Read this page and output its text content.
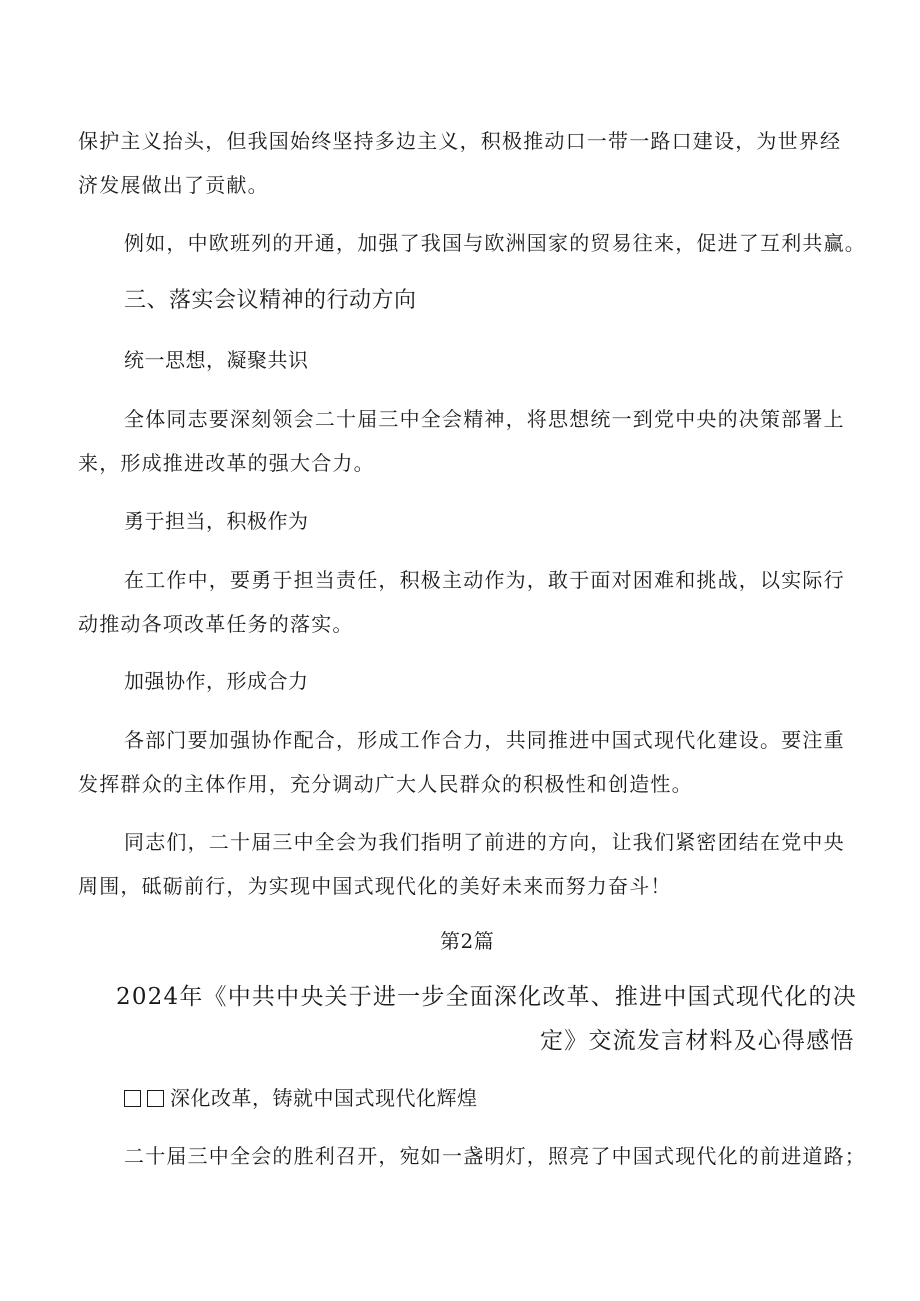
保护主义抬头，但我国始终坚持多边主义，积极推动口一带一路口建设，为世界经
济发展做出了贡献。
例如，中欧班列的开通，加强了我国与欧洲国家的贸易往来，促进了互利共赢。
三、落实会议精神的行动方向
统一思想，凝聚共识
全体同志要深刻领会二十届三中全会精神，将思想统一到党中央的决策部署上
来，形成推进改革的强大合力。
勇于担当，积极作为
在工作中，要勇于担当责任，积极主动作为，敢于面对困难和挑战，以实际行
动推动各项改革任务的落实。
加强协作，形成合力
各部门要加强协作配合，形成工作合力，共同推进中国式现代化建设。要注重
发挥群众的主体作用，充分调动广大人民群众的积极性和创造性。
同志们，二十届三中全会为我们指明了前进的方向，让我们紧密团结在党中央
周围，砥砺前行，为实现中国式现代化的美好未来而努力奋斗！
第2篇
2024年《中共中央关于进一步全面深化改革、推进中国式现代化的决
定》交流发言材料及心得感悟
深化改革，铸就中国式现代化辉煌
二十届三中全会的胜利召开，宛如一盏明灯，照亮了中国式现代化的前进道路；
